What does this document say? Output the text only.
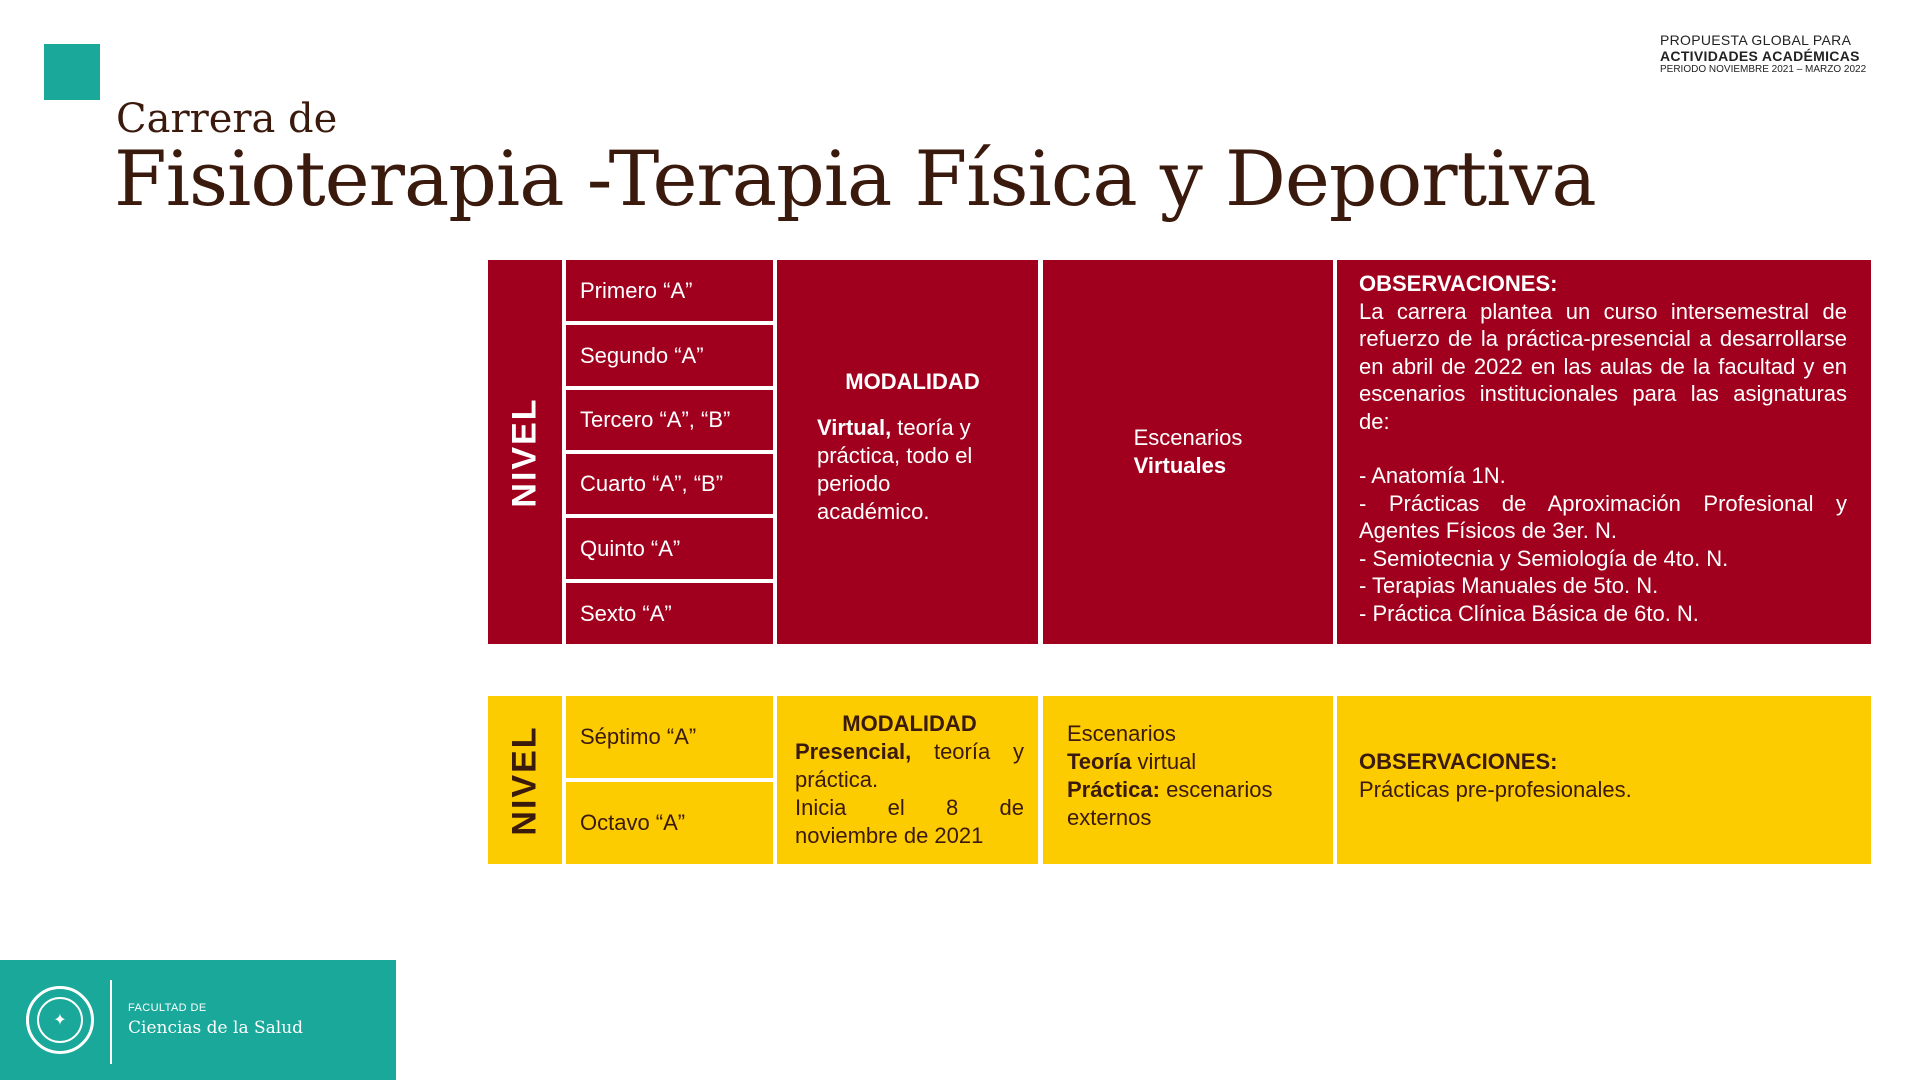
PROPUESTA GLOBAL PARA
ACTIVIDADES ACADÉMICAS
PERIODO NOVIEMBRE 2021 – MARZO 2022
Carrera de
Fisioterapia -Terapia Física y Deportiva
NIVEL
Primero “A”
Segundo “A”
Tercero “A”, “B”
Cuarto “A”, “B”
Quinto “A”
Sexto “A”
MODALIDAD
Virtual, teoría y práctica, todo el periodo académico.
Escenarios
Virtuales
OBSERVACIONES:
La carrera plantea un curso intersemestral de refuerzo de la práctica-presencial a desarrollarse en abril de 2022 en las aulas de la facultad y en escenarios institucionales para las asignaturas de:
- Anatomía 1N.
- Prácticas de Aproximación Profesional y Agentes Físicos de 3er. N.
- Semiotecnia y Semiología de 4to. N.
- Terapias Manuales de 5to. N.
- Práctica Clínica Básica de 6to. N.
NIVEL	Séptimo “A”
Octavo “A”
MODALIDAD
Presencial, teoría y práctica.
Inicia el 8 de noviembre de 2021
Escenarios
Teoría virtual
Práctica: escenarios externos
OBSERVACIONES:
Prácticas pre-profesionales.
✦
FACULTAD DE
Ciencias de la Salud
